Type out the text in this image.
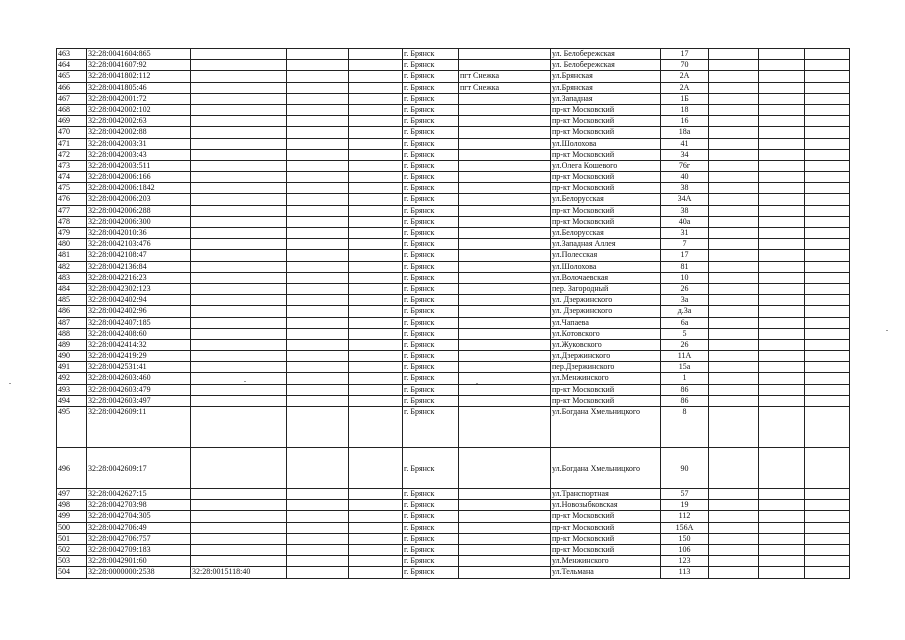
463	32:28:0041604:865				г. Брянск		ул. Белобережская	17			
464	32:28:0041607:92				г. Брянск		ул. Белобережская	70			
465	32:28:0041802:112				г. Брянск	пгт Снежка	ул.Брянская	2А			
466	32:28:0041805:46				г. Брянск	пгт Снежка	ул.Брянская	2А			
467	32:28:0042001:72				г. Брянск		ул.Западная	1Б			
468	32:28:0042002:102				г. Брянск		пр-кт Московский	18			
469	32:28:0042002:63				г. Брянск		пр-кт Московский	16			
470	32:28:0042002:88				г. Брянск		пр-кт Московский	18а			
471	32:28:0042003:31				г. Брянск		ул.Шолохова	41			
472	32:28:0042003:43				г. Брянск		пр-кт Московский	34			
473	32:28:0042003:511				г. Брянск		ул.Олега Кошевого	76г			
474	32:28:0042006:166				г. Брянск		пр-кт Московский	40			
475	32:28:0042006:1842				г. Брянск		пр-кт Московский	38			
476	32:28:0042006:203				г. Брянск		ул.Белорусская	34А			
477	32:28:0042006:288				г. Брянск		пр-кт Московский	38			
478	32:28:0042006:300				г. Брянск		пр-кт Московский	40а			
479	32:28:0042010:36				г. Брянск		ул.Белорусская	31			
480	32:28:0042103:476				г. Брянск		ул.Западная Аллея	7			
481	32:28:0042108:47				г. Брянск		ул.Полесская	17			
482	32:28:0042136:84				г. Брянск		ул.Шолохова	81			
483	32:28:0042216:23				г. Брянск		ул.Волочаевская	10			
484	32:28:0042302:123				г. Брянск		пер. Загородный	26			
485	32:28:0042402:94				г. Брянск		ул. Дзержинского	3а			
486	32:28:0042402:96				г. Брянск		ул. Дзержинского	д.3а			
487	32:28:0042407:185				г. Брянск		ул.Чапаева	6а			
488	32:28:0042408:60				г. Брянск		ул.Котовского	5			
489	32:28:0042414:32				г. Брянск		ул.Жуковского	26			
490	32:28:0042419:29				г. Брянск		ул.Дзержинского	11А			
491	32:28:0042531:41				г. Брянск		пер.Дзержинского	15а			
492	32:28:0042603:460				г. Брянск		ул.Менжинского	1			
493	32:28:0042603:479				г. Брянск		пр-кт Московский	86			
494	32:28:0042603:497				г. Брянск		пр-кт Московский	86			
495	32:28:0042609:11				г. Брянск		ул.Богдана Хмельницкого	8			
496	32:28:0042609:17				г. Брянск		ул.Богдана Хмельницкого	90			
497	32:28:0042627:15				г. Брянск		ул.Транспортная	57			
498	32:28:0042703:98				г. Брянск		ул.Новозыбковская	19			
499	32:28:0042704:305				г. Брянск		пр-кт Московский	112			
500	32:28:0042706:49				г. Брянск		пр-кт Московский	156А			
501	32:28:0042706:757				г. Брянск		пр-кт Московский	150			
502	32:28:0042709:183				г. Брянск		пр-кт Московский	106			
503	32:28:0042901:60				г. Брянск		ул.Менжинского	123			
504	32:28:0000000:2538	32:28:0015118:40			г. Брянск		ул.Тельмана	113			
